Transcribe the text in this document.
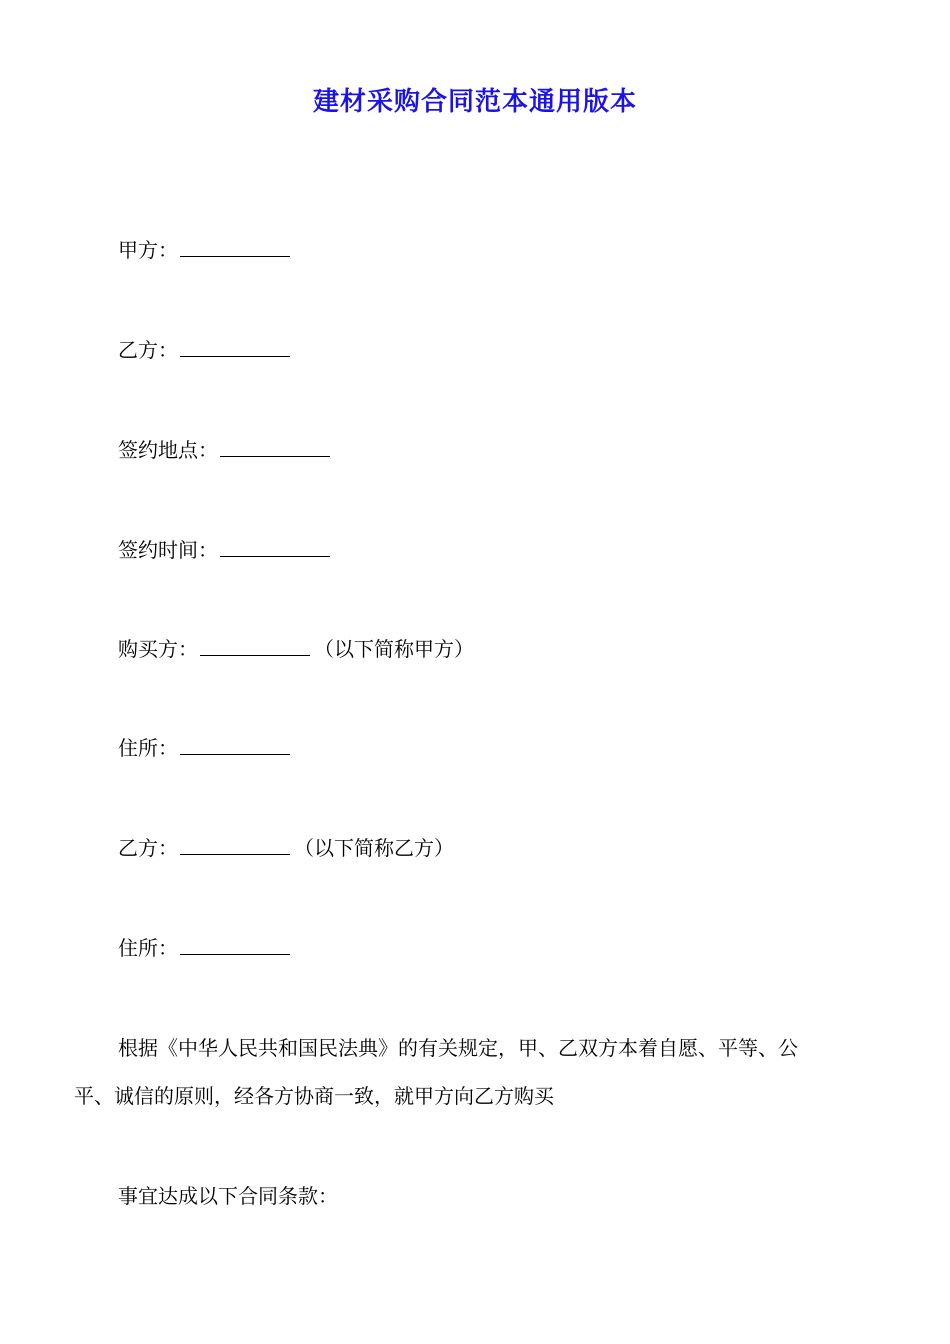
建材采购合同范本通用版本
甲方：
乙方：
签约地点：
签约时间：
购买方：	（以下简称甲方）
住所：
乙方：	（以下简称乙方）
住所：
根据《中华人民共和国民法典》的有关规定，甲、乙双方本着自愿、平等、公
平、诚信的原则，经各方协商一致，就甲方向乙方购买
事宜达成以下合同条款：
